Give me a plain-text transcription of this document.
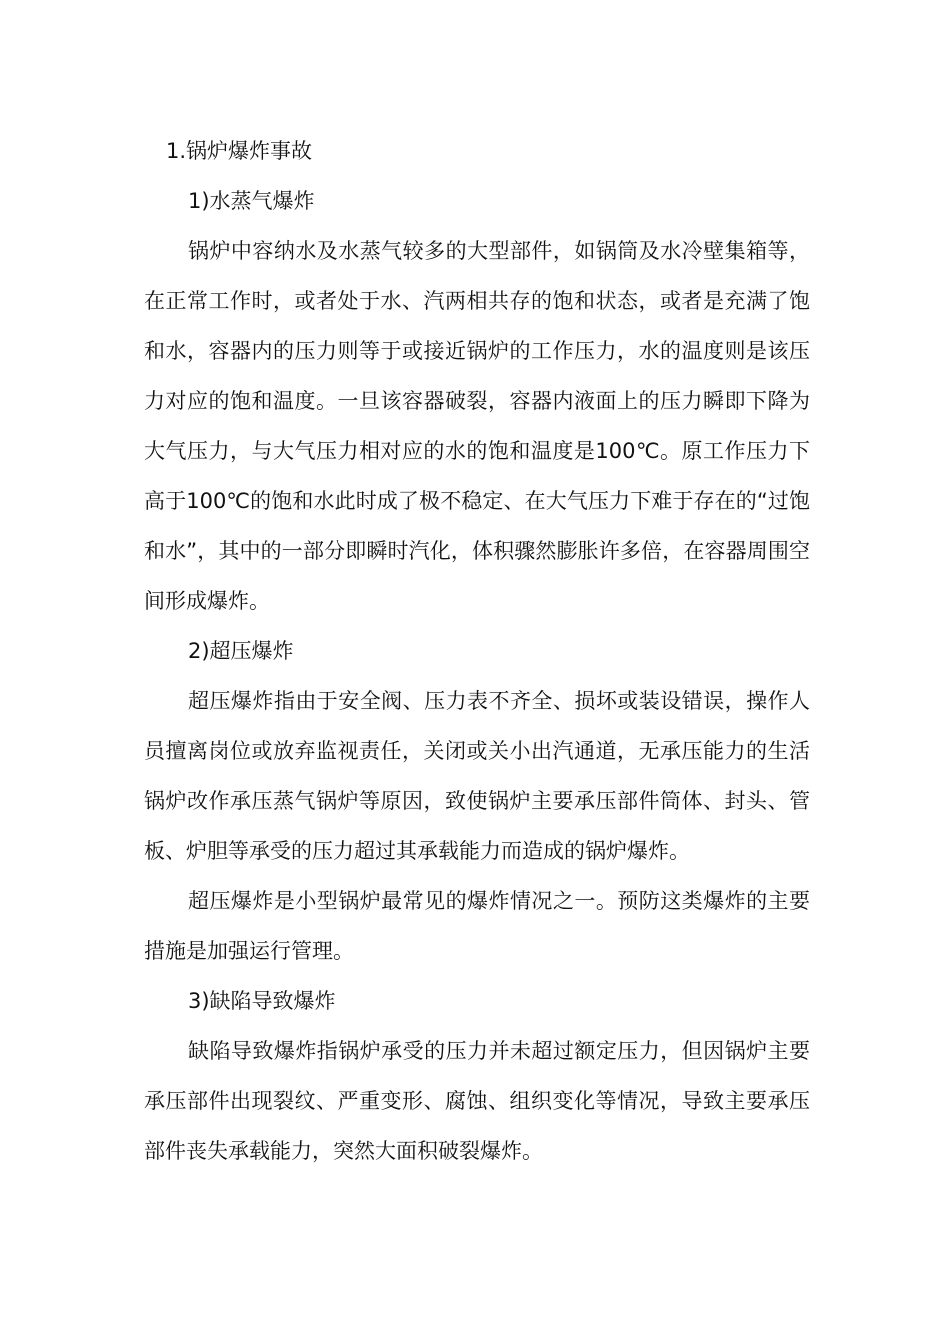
1.锅炉爆炸事故

1)水蒸气爆炸

锅炉中容纳水及水蒸气较多的大型部件，如锅筒及水冷壁集箱等，在正常工作时，或者处于水、汽两相共存的饱和状态，或者是充满了饱和水，容器内的压力则等于或接近锅炉的工作压力，水的温度则是该压力对应的饱和温度。一旦该容器破裂，容器内液面上的压力瞬即下降为大气压力，与大气压力相对应的水的饱和温度是100℃。原工作压力下高于100℃的饱和水此时成了极不稳定、在大气压力下难于存在的“过饱和水”，其中的一部分即瞬时汽化，体积骤然膨胀许多倍，在容器周围空间形成爆炸。

2)超压爆炸

超压爆炸指由于安全阀、压力表不齐全、损坏或装设错误，操作人员擅离岗位或放弃监视责任，关闭或关小出汽通道，无承压能力的生活锅炉改作承压蒸气锅炉等原因，致使锅炉主要承压部件筒体、封头、管板、炉胆等承受的压力超过其承载能力而造成的锅炉爆炸。

超压爆炸是小型锅炉最常见的爆炸情况之一。预防这类爆炸的主要措施是加强运行管理。

3)缺陷导致爆炸

缺陷导致爆炸指锅炉承受的压力并未超过额定压力，但因锅炉主要承压部件出现裂纹、严重变形、腐蚀、组织变化等情况，导致主要承压部件丧失承载能力，突然大面积破裂爆炸。
